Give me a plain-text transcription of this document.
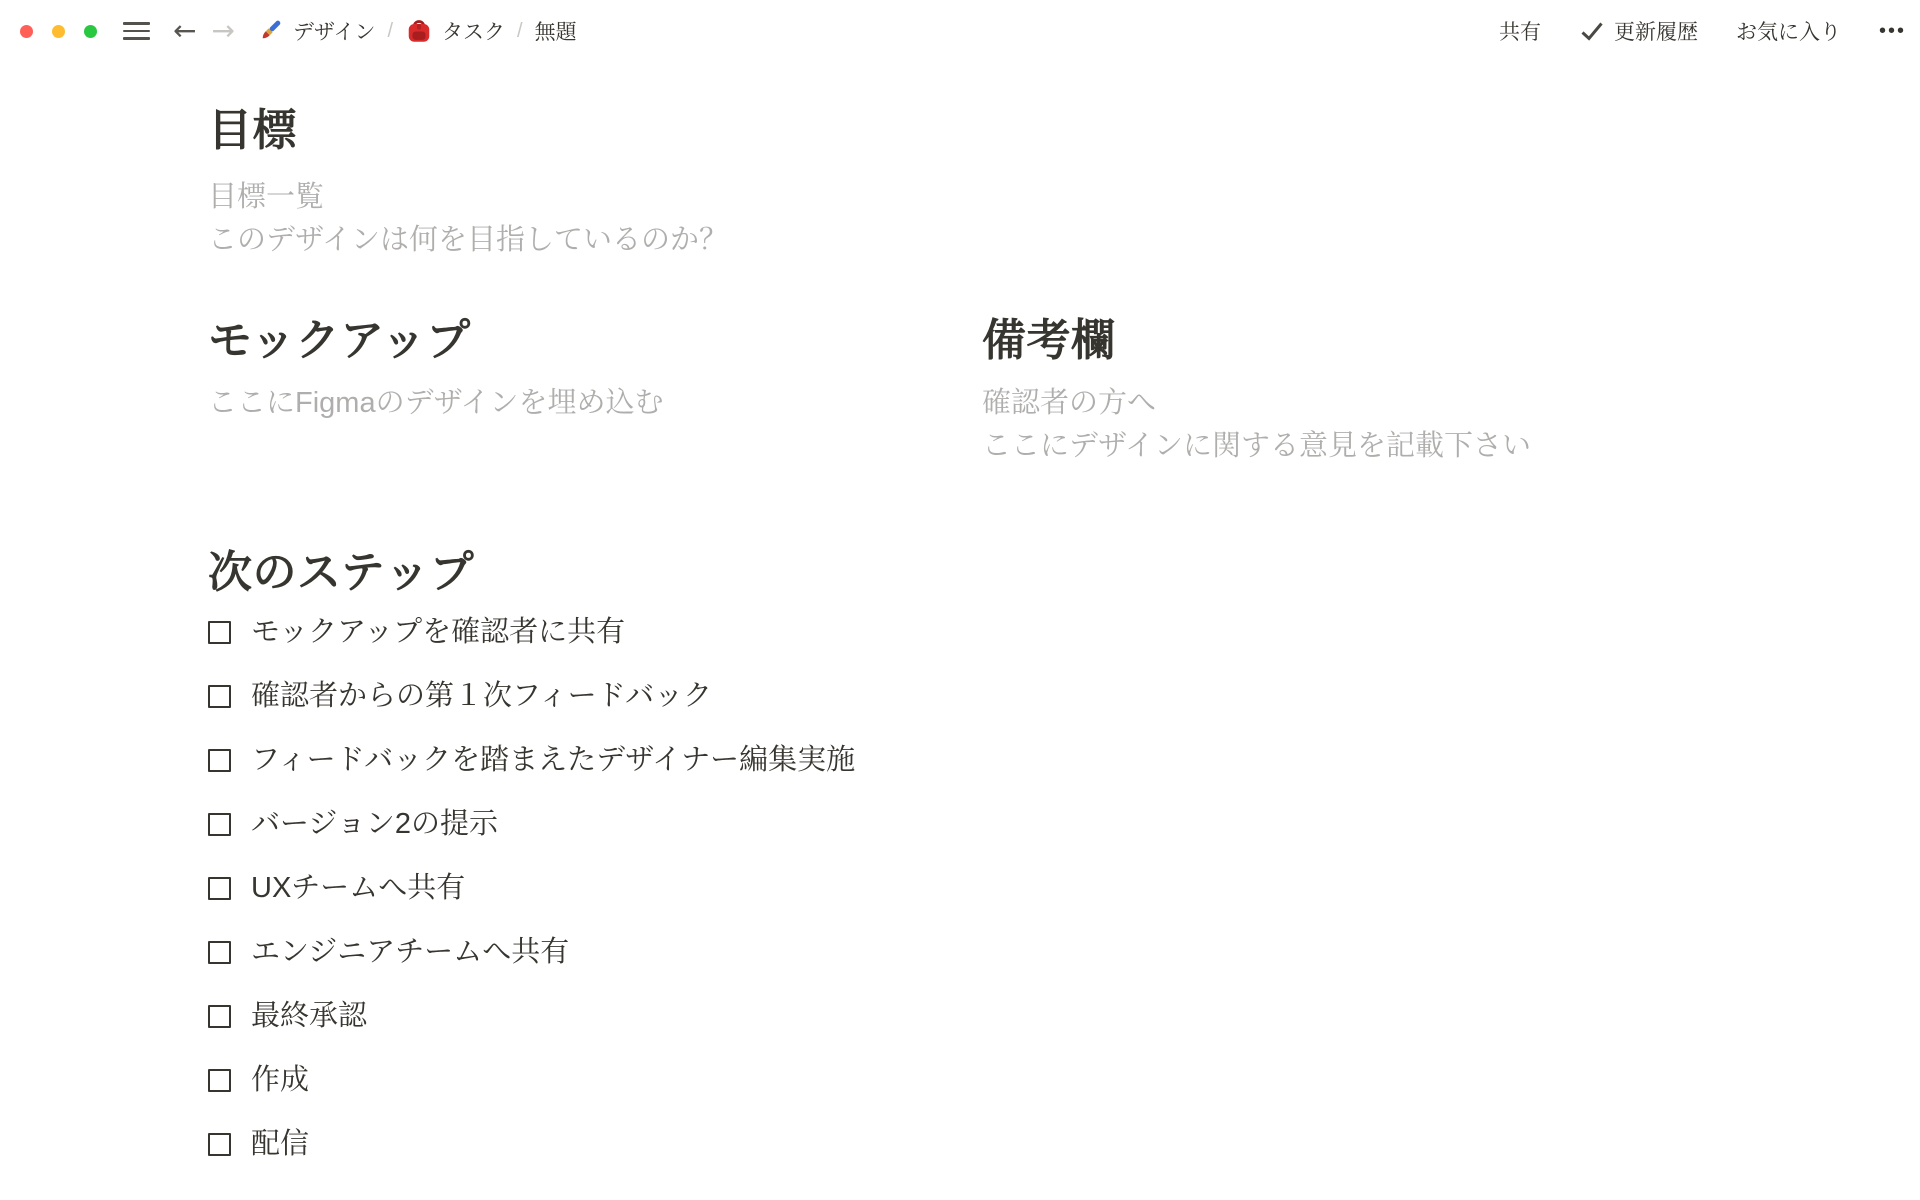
← →	デザイン / タスク / 無題	共有	更新履歴 お気に入り •••
目標
目標一覧
このデザインは何を目指しているのか？
モックアップ
ここにFigmaのデザインを埋め込む
備考欄
確認者の方へ
ここにデザインに関する意見を記載下さい
次のステップ
モックアップを確認者に共有
確認者からの第１次フィードバック
フィードバックを踏まえたデザイナー編集実施
バージョン2の提示
UXチームへ共有
エンジニアチームへ共有
最終承認
作成
配信
